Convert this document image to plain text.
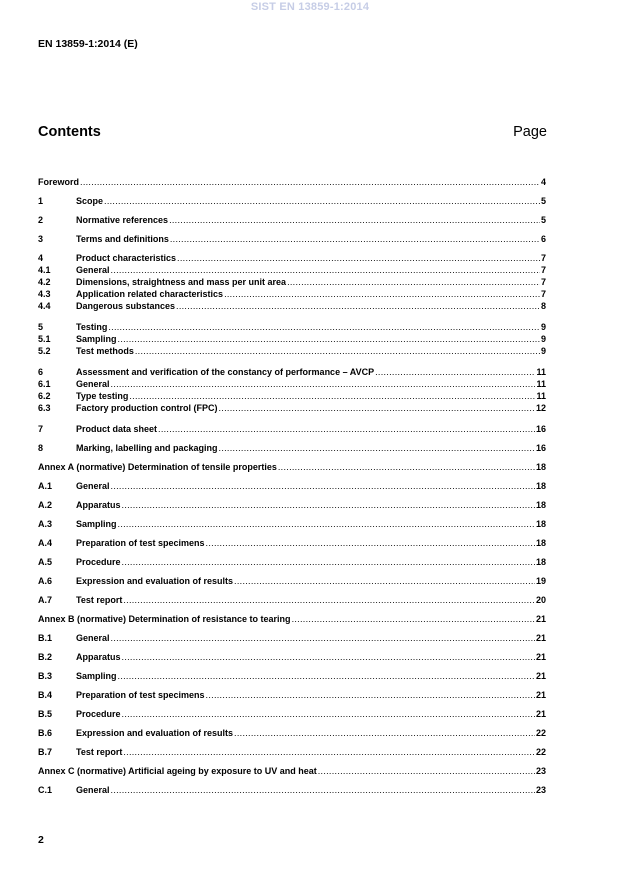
SIST EN 13859-1:2014
EN 13859-1:2014 (E)
Contents	Page
Foreword .....	4
1	Scope .....	5
2	Normative references .....	5
3	Terms and definitions .....	6
4	Product characteristics .....	7
4.1	General .....	7
4.2	Dimensions, straightness and mass per unit area .....	7
4.3	Application related characteristics .....	7
4.4	Dangerous substances .....	8
5	Testing .....	9
5.1	Sampling .....	9
5.2	Test methods .....	9
6	Assessment and verification of the constancy of performance – AVCP .....	11
6.1	General .....	11
6.2	Type testing .....	11
6.3	Factory production control (FPC) .....	12
7	Product data sheet .....	16
8	Marking, labelling and packaging .....	16
Annex A (normative) Determination of tensile properties .....	18
A.1	General .....	18
A.2	Apparatus .....	18
A.3	Sampling .....	18
A.4	Preparation of test specimens .....	18
A.5	Procedure .....	18
A.6	Expression and evaluation of results .....	19
A.7	Test report .....	20
Annex B (normative) Determination of resistance to tearing .....	21
B.1	General .....	21
B.2	Apparatus .....	21
B.3	Sampling .....	21
B.4	Preparation of test specimens .....	21
B.5	Procedure .....	21
B.6	Expression and evaluation of results .....	22
B.7	Test report .....	22
Annex C (normative) Artificial ageing by exposure to UV and heat .....	23
C.1	General .....	23
2
